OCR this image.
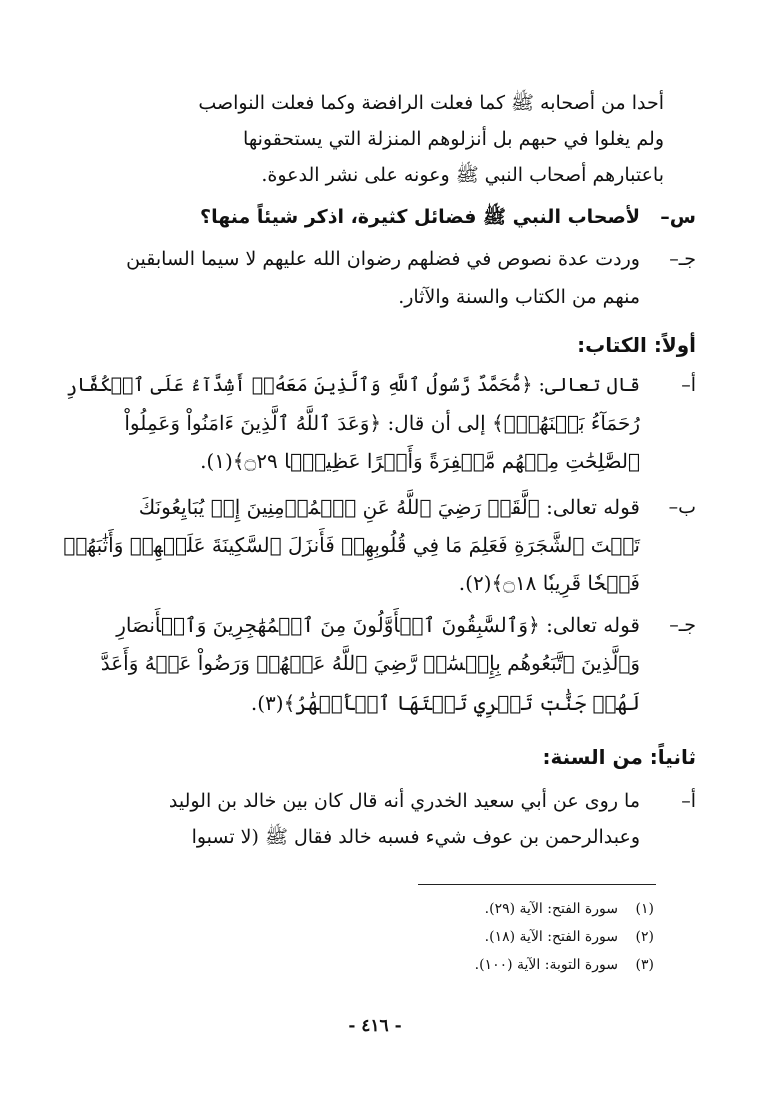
أحدا من أصحابه ﷺ كما فعلت الرافضة وكما فعلت النواصب
ولم يغلوا في حبهم بل أنزلوهم المنزلة التي يستحقونها
باعتبارهم أصحاب النبي ﷺ وعونه على نشر الدعوة.
س–
لأصحاب النبي ﷺ فضائل كثيرة، اذكر شيئاً منها؟
جـ–
وردت عدة نصوص في فضلهم رضوان الله عليهم لا سيما السابقين
منهم من الكتاب والسنة والآثار.
أولاً: الكتاب:
أ–
قال تعالى: ﴿مُّحَمَّدٌ رَّسُولُ ٱللَّهِ وَٱلَّذِينَ مَعَهُۥٓ أَشِدَّآءُ عَلَى ٱلۡكُفَّارِ
رُحَمَآءُ بَيۡنَهُمۡۖ﴾ إلى أن قال: ﴿وَعَدَ ٱللَّهُ ٱلَّذِينَ ءَامَنُواْ وَعَمِلُواْ
ٱلصَّٰلِحَٰتِ مِنۡهُم مَّغۡفِرَةً وَأَجۡرًا عَظِيمَۢا ۝٢٩﴾(١).
ب–
قوله تعالى: ﴿لَّقَدۡ رَضِيَ ٱللَّهُ عَنِ ٱلۡمُؤۡمِنِينَ إِذۡ يُبَايِعُونَكَ
تَحۡتَ ٱلشَّجَرَةِ فَعَلِمَ مَا فِي قُلُوبِهِمۡ فَأَنزَلَ ٱلسَّكِينَةَ عَلَيۡهِمۡ وَأَثَٰبَهُمۡ
فَتۡحٗا قَرِيبٗا ۝١٨﴾(٢).
جـ–
قوله تعالى: ﴿وَٱلسَّٰبِقُونَ ٱلۡأَوَّلُونَ مِنَ ٱلۡمُهَٰجِرِينَ وَٱلۡأَنصَارِ
وَٱلَّذِينَ ٱتَّبَعُوهُم بِإِحۡسَٰنٖ رَّضِيَ ٱللَّهُ عَنۡهُمۡ وَرَضُواْ عَنۡهُ وَأَعَدَّ
لَهُمۡ جَنَّٰتٖ تَجۡرِي تَحۡتَهَا ٱلۡأَنۡهَٰرُ﴾(٣).
ثانياً: من السنة:
أ–
ما روى عن أبي سعيد الخدري أنه قال كان بين خالد بن الوليد
وعبدالرحمن بن عوف شيء فسبه خالد فقال ﷺ (لا تسبوا
(١)
سورة الفتح: الآية (٢٩).
(٢)
سورة الفتح: الآية (١٨).
(٣)
سورة التوبة: الآية (١٠٠).
- ٤١٦ -
